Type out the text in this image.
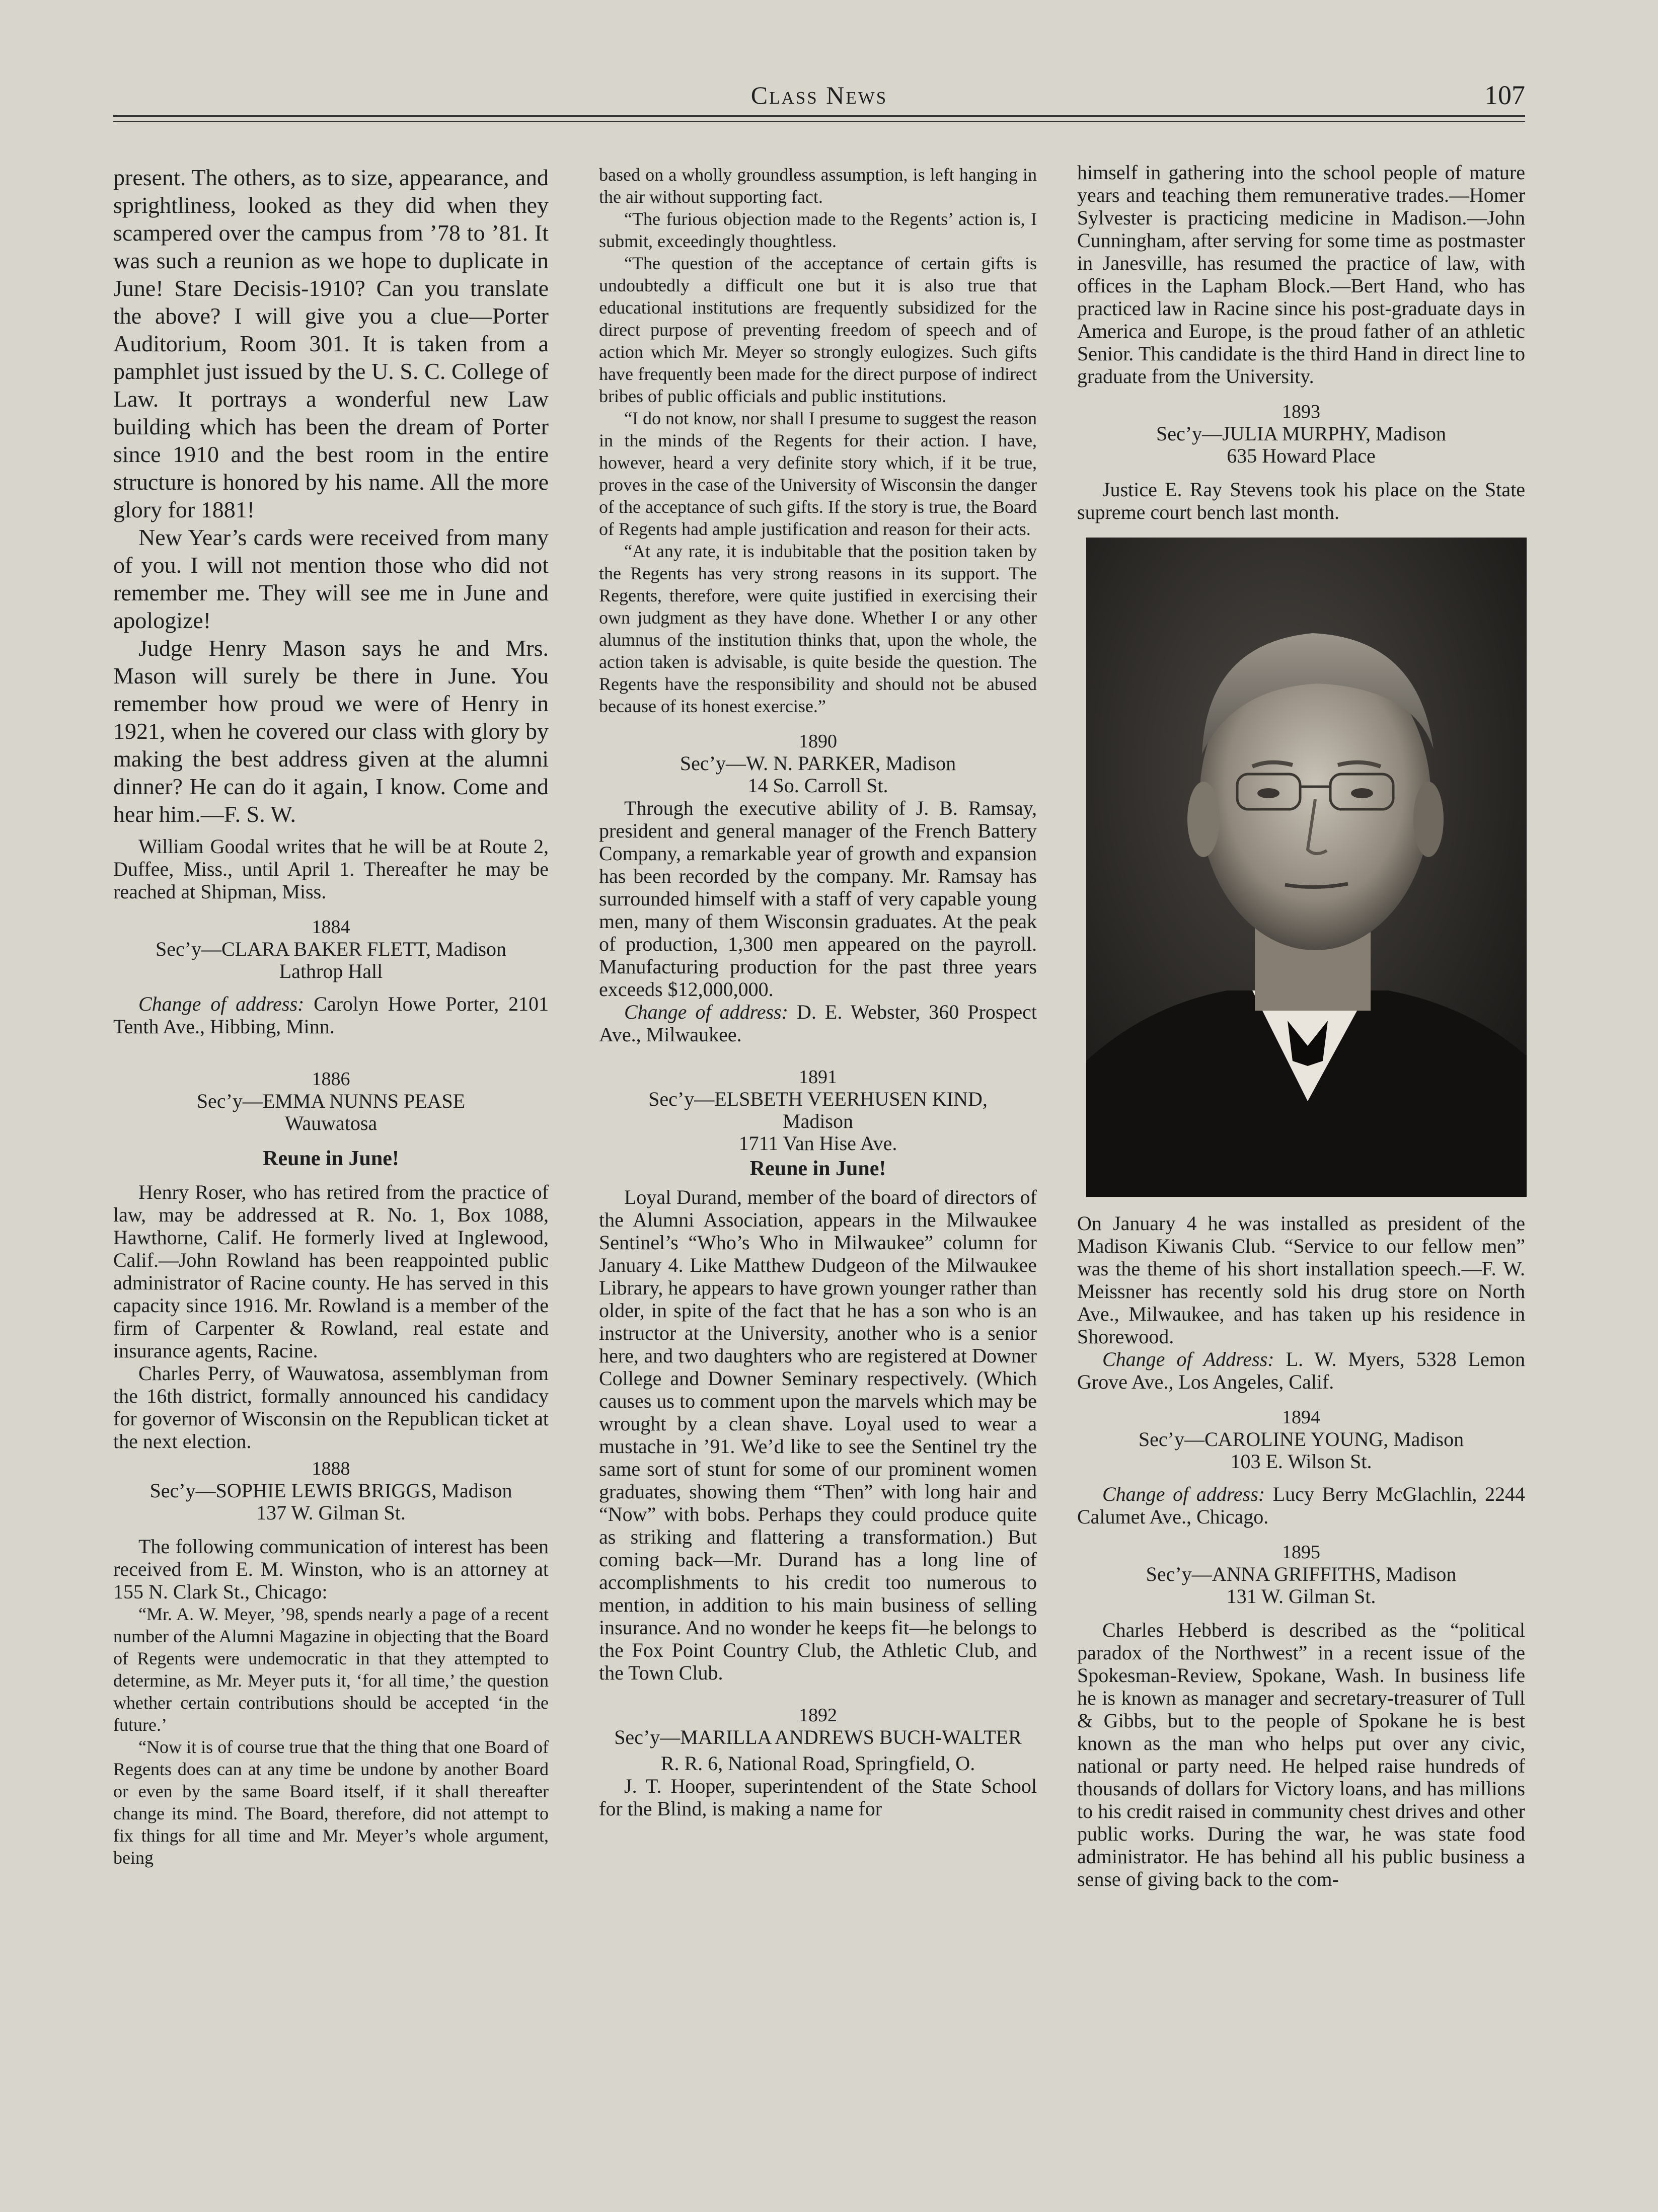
Class News	107

present. The others, as to size, appearance, and sprightliness, looked as they did when they scampered over the campus from ’78 to ’81. It was such a reunion as we hope to duplicate in June! Stare Decisis-1910? Can you translate the above? I will give you a clue—Porter Auditorium, Room 301. It is taken from a pamphlet just issued by the U. S. C. College of Law. It portrays a wonderful new Law building which has been the dream of Porter since 1910 and the best room in the entire structure is honored by his name. All the more glory for 1881!

New Year’s cards were received from many of you. I will not mention those who did not remember me. They will see me in June and apologize!

Judge Henry Mason says he and Mrs. Mason will surely be there in June. You remember how proud we were of Henry in 1921, when he covered our class with glory by making the best address given at the alumni dinner? He can do it again, I know. Come and hear him.—F. S. W.

William Goodal writes that he will be at Route 2, Duffee, Miss., until April 1. Thereafter he may be reached at Shipman, Miss.

1884

Sec’y—CLARA BAKER FLETT, Madison

Lathrop Hall

Change of address: Carolyn Howe Porter, 2101 Tenth Ave., Hibbing, Minn.

1886

Sec’y—EMMA NUNNS PEASE

Wauwatosa

Reune in June!

Henry Roser, who has retired from the practice of law, may be addressed at R. No. 1, Box 1088, Hawthorne, Calif. He formerly lived at Inglewood, Calif.—John Rowland has been reappointed public administrator of Racine county. He has served in this capacity since 1916. Mr. Rowland is a member of the firm of Carpenter & Rowland, real estate and insurance agents, Racine.

Charles Perry, of Wauwatosa, assemblyman from the 16th district, formally announced his candidacy for governor of Wisconsin on the Republican ticket at the next election.

1888

Sec’y—SOPHIE LEWIS BRIGGS, Madison

137 W. Gilman St.

The following communication of interest has been received from E. M. Winston, who is an attorney at 155 N. Clark St., Chicago:

“Mr. A. W. Meyer, ’98, spends nearly a page of a recent number of the Alumni Magazine in objecting that the Board of Regents were undemocratic in that they attempted to determine, as Mr. Meyer puts it, ‘for all time,’ the question whether certain contributions should be accepted ‘in the future.’

“Now it is of course true that the thing that one Board of Regents does can at any time be undone by another Board or even by the same Board itself, if it shall thereafter change its mind. The Board, therefore, did not attempt to fix things for all time and Mr. Meyer’s whole argument, being

based on a wholly groundless assumption, is left hanging in the air without supporting fact.

“The furious objection made to the Regents’ action is, I submit, exceedingly thoughtless.

“The question of the acceptance of certain gifts is undoubtedly a difficult one but it is also true that educational institutions are frequently subsidized for the direct purpose of preventing freedom of speech and of action which Mr. Meyer so strongly eulogizes. Such gifts have frequently been made for the direct purpose of indirect bribes of public officials and public institutions.

“I do not know, nor shall I presume to suggest the reason in the minds of the Regents for their action. I have, however, heard a very definite story which, if it be true, proves in the case of the University of Wisconsin the danger of the acceptance of such gifts. If the story is true, the Board of Regents had ample justification and reason for their acts.

“At any rate, it is indubitable that the position taken by the Regents has very strong reasons in its support. The Regents, therefore, were quite justified in exercising their own judgment as they have done. Whether I or any other alumnus of the institution thinks that, upon the whole, the action taken is advisable, is quite beside the question. The Regents have the responsibility and should not be abused because of its honest exercise.”

1890

Sec’y—W. N. PARKER, Madison

14 So. Carroll St.

Through the executive ability of J. B. Ramsay, president and general manager of the French Battery Company, a remarkable year of growth and expansion has been recorded by the company. Mr. Ramsay has surrounded himself with a staff of very capable young men, many of them Wisconsin graduates. At the peak of production, 1,300 men appeared on the payroll. Manufacturing production for the past three years exceeds $12,000,000.

Change of address: D. E. Webster, 360 Prospect Ave., Milwaukee.

1891

Sec’y—ELSBETH VEERHUSEN KIND,

Madison

1711 Van Hise Ave.

Reune in June!

Loyal Durand, member of the board of directors of the Alumni Association, appears in the Milwaukee Sentinel’s “Who’s Who in Milwaukee” column for January 4. Like Matthew Dudgeon of the Milwaukee Library, he appears to have grown younger rather than older, in spite of the fact that he has a son who is an instructor at the University, another who is a senior here, and two daughters who are registered at Downer College and Downer Seminary respectively. (Which causes us to comment upon the marvels which may be wrought by a clean shave. Loyal used to wear a mustache in ’91. We’d like to see the Sentinel try the same sort of stunt for some of our prominent women graduates, showing them “Then” with long hair and “Now” with bobs. Perhaps they could produce quite as striking and flattering a transformation.) But coming back—Mr. Durand has a long line of accomplishments to his credit too numerous to mention, in addition to his main business of selling insurance. And no wonder he keeps fit—he belongs to the Fox Point Country Club, the Athletic Club, and the Town Club.

1892

Sec’y—MARILLA ANDREWS BUCH-WALTER

R. R. 6, National Road, Springfield, O.

J. T. Hooper, superintendent of the State School for the Blind, is making a name for

himself in gathering into the school people of mature years and teaching them remunerative trades.—Homer Sylvester is practicing medicine in Madison.—John Cunningham, after serving for some time as postmaster in Janesville, has resumed the practice of law, with offices in the Lapham Block.—Bert Hand, who has practiced law in Racine since his post-graduate days in America and Europe, is the proud father of an athletic Senior. This candidate is the third Hand in direct line to graduate from the University.

1893

Sec’y—JULIA MURPHY, Madison

635 Howard Place

Justice E. Ray Stevens took his place on the State supreme court bench last month.

On January 4 he was installed as president of the Madison Kiwanis Club. “Service to our fellow men” was the theme of his short installation speech.—F. W. Meissner has recently sold his drug store on North Ave., Milwaukee, and has taken up his residence in Shorewood.

Change of Address: L. W. Myers, 5328 Lemon Grove Ave., Los Angeles, Calif.

1894

Sec’y—CAROLINE YOUNG, Madison

103 E. Wilson St.

Change of address: Lucy Berry McGlachlin, 2244 Calumet Ave., Chicago.

1895

Sec’y—ANNA GRIFFITHS, Madison

131 W. Gilman St.

Charles Hebberd is described as the “political paradox of the Northwest” in a recent issue of the Spokesman-Review, Spokane, Wash. In business life he is known as manager and secretary-treasurer of Tull & Gibbs, but to the people of Spokane he is best known as the man who helps put over any civic, national or party need. He helped raise hundreds of thousands of dollars for Victory loans, and has millions to his credit raised in community chest drives and other public works. During the war, he was state food administrator. He has behind all his public business a sense of giving back to the com-
